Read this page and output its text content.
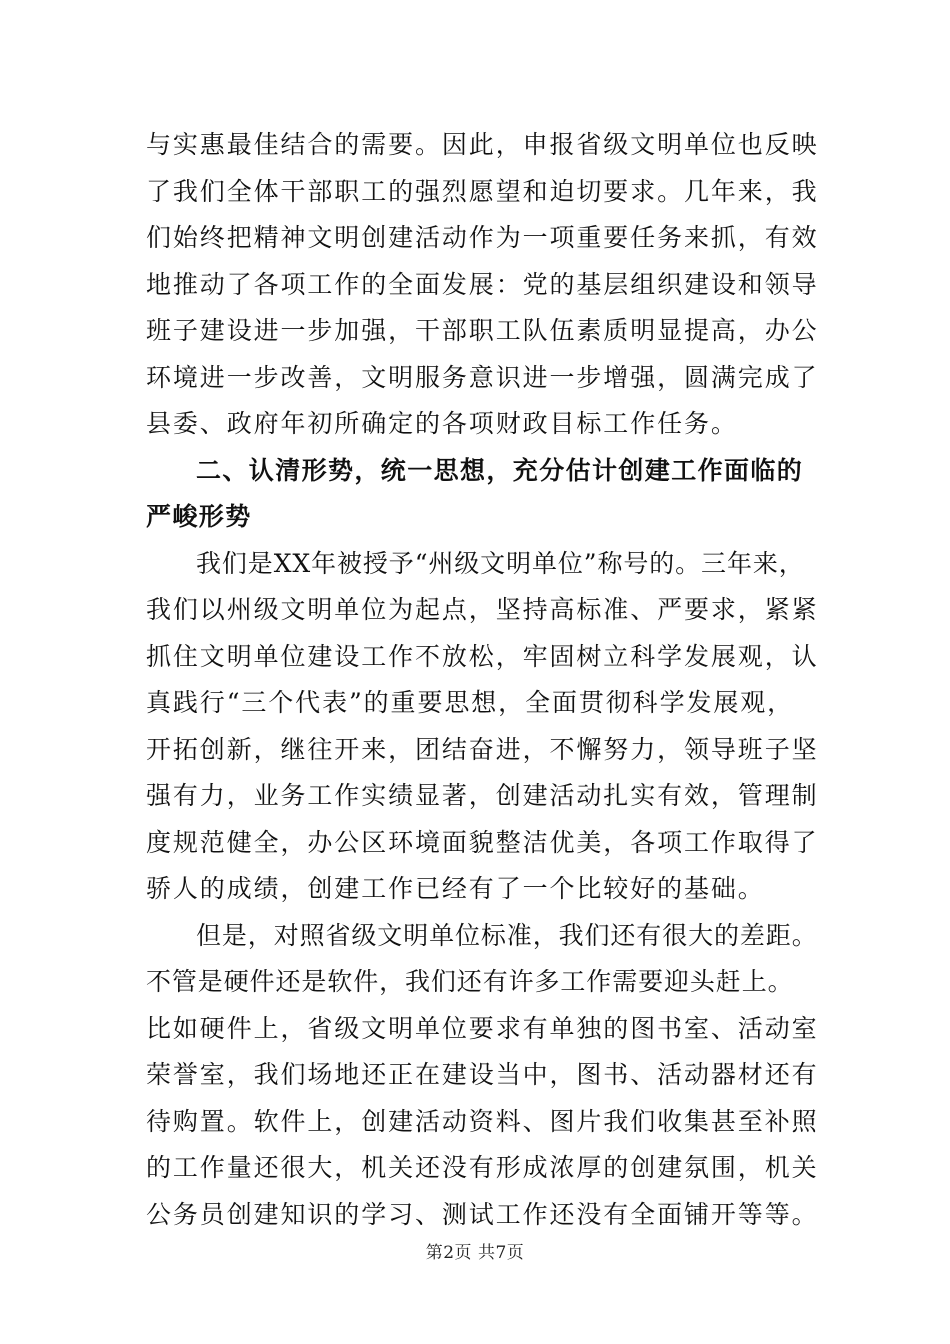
与实惠最佳结合的需要。因此，申报省级文明单位也反映
了我们全体干部职工的强烈愿望和迫切要求。几年来，我
们始终把精神文明创建活动作为一项重要任务来抓，有效
地推动了各项工作的全面发展：党的基层组织建设和领导
班子建设进一步加强，干部职工队伍素质明显提高，办公
环境进一步改善，文明服务意识进一步增强，圆满完成了
县委、政府年初所确定的各项财政目标工作任务。
二、认清形势，统一思想，充分估计创建工作面临的
严峻形势
我们是XX年被授予“州级文明单位”称号的。三年来，
我们以州级文明单位为起点，坚持高标准、严要求，紧紧
抓住文明单位建设工作不放松，牢固树立科学发展观，认
真践行“三个代表”的重要思想，全面贯彻科学发展观，
开拓创新，继往开来，团结奋进，不懈努力，领导班子坚
强有力，业务工作实绩显著，创建活动扎实有效，管理制
度规范健全，办公区环境面貌整洁优美，各项工作取得了
骄人的成绩，创建工作已经有了一个比较好的基础。
但是，对照省级文明单位标准，我们还有很大的差距。
不管是硬件还是软件，我们还有许多工作需要迎头赶上。
比如硬件上，省级文明单位要求有单独的图书室、活动室
荣誉室，我们场地还正在建设当中，图书、活动器材还有
待购置。软件上，创建活动资料、图片我们收集甚至补照
的工作量还很大，机关还没有形成浓厚的创建氛围，机关
公务员创建知识的学习、测试工作还没有全面铺开等等。
第2页 共7页
